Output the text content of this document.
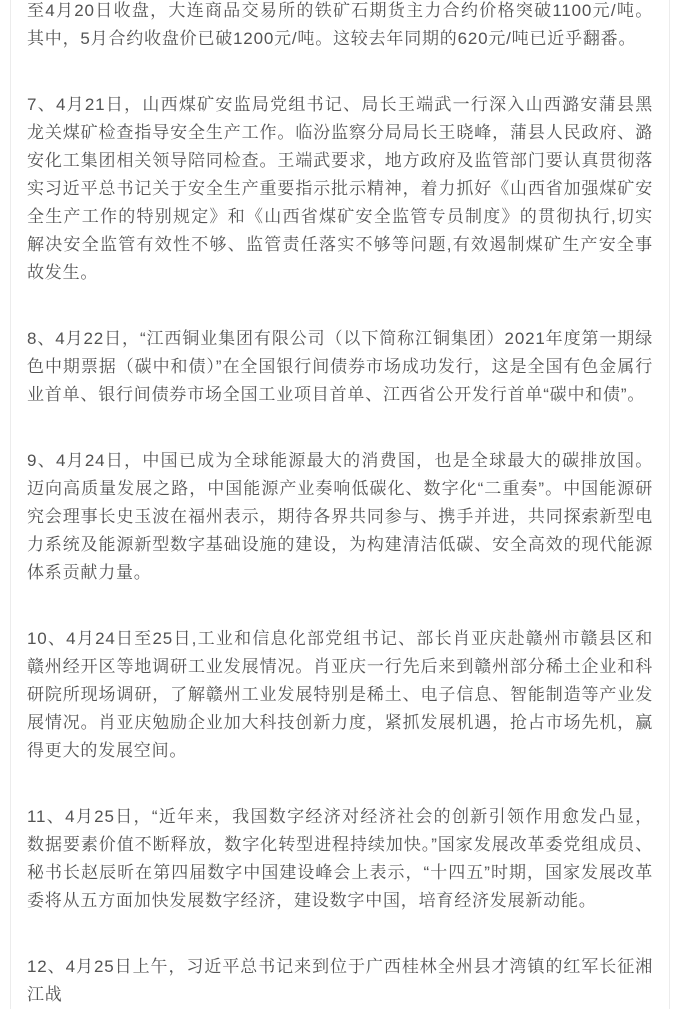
至4月20日收盘，大连商品交易所的铁矿石期货主力合约价格突破1100元/吨。其中，5月合约收盘价已破1200元/吨。这较去年同期的620元/吨已近乎翻番。

7、4月21日，山西煤矿安监局党组书记、局长王端武一行深入山西潞安蒲县黑龙关煤矿检查指导安全生产工作。临汾监察分局局长王晓峰，蒲县人民政府、潞安化工集团相关领导陪同检查。王端武要求，地方政府及监管部门要认真贯彻落实习近平总书记关于安全生产重要指示批示精神，着力抓好《山西省加强煤矿安全生产工作的特别规定》和《山西省煤矿安全监管专员制度》的贯彻执行,切实解决安全监管有效性不够、监管责任落实不够等问题,有效遏制煤矿生产安全事故发生。

8、4月22日，“江西铜业集团有限公司（以下简称江铜集团）2021年度第一期绿色中期票据（碳中和债）”在全国银行间债券市场成功发行，这是全国有色金属行业首单、银行间债券市场全国工业项目首单、江西省公开发行首单“碳中和债”。

9、4月24日，中国已成为全球能源最大的消费国，也是全球最大的碳排放国。迈向高质量发展之路，中国能源产业奏响低碳化、数字化“二重奏”。中国能源研究会理事长史玉波在福州表示，期待各界共同参与、携手并进，共同探索新型电力系统及能源新型数字基础设施的建设，为构建清洁低碳、安全高效的现代能源体系贡献力量。

10、4月24日至25日,工业和信息化部党组书记、部长肖亚庆赴赣州市赣县区和赣州经开区等地调研工业发展情况。肖亚庆一行先后来到赣州部分稀土企业和科研院所现场调研，了解赣州工业发展特别是稀土、电子信息、智能制造等产业发展情况。肖亚庆勉励企业加大科技创新力度，紧抓发展机遇，抢占市场先机，赢得更大的发展空间。

11、4月25日，“近年来，我国数字经济对经济社会的创新引领作用愈发凸显，数据要素价值不断释放，数字化转型进程持续加快。”国家发展改革委党组成员、秘书长赵辰昕在第四届数字中国建设峰会上表示，“十四五”时期，国家发展改革委将从五方面加快发展数字经济，建设数字中国，培育经济发展新动能。

12、4月25日上午，习近平总书记来到位于广西桂林全州县才湾镇的红军长征湘江战
